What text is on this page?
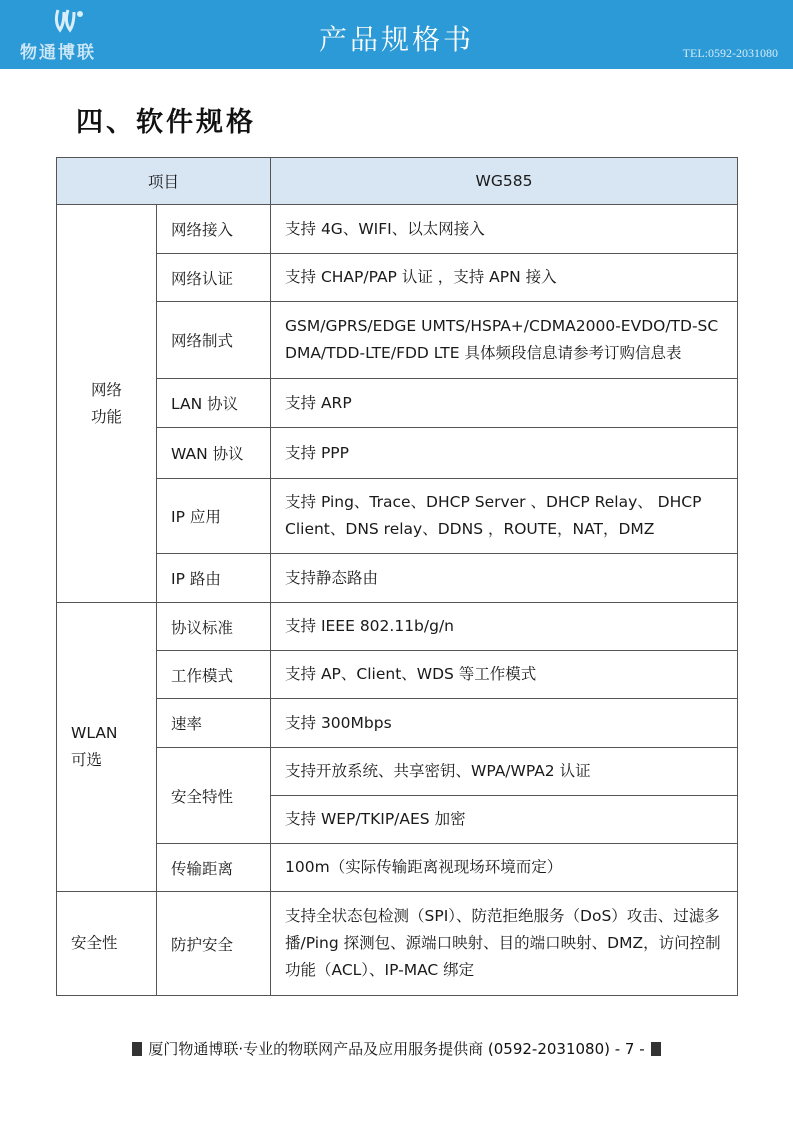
物通博联	产品规格书	TEL:0592-2031080
四、软件规格
项目		WG585
网络
功能	网络接入	支持 4G、WIFI、以太网接入
	网络认证	支持 CHAP/PAP 认证 ，支持 APN 接入
	网络制式	GSM/GPRS/EDGE UMTS/HSPA+/CDMA2000-EVDO/TD-SCDMA/TDD-LTE/FDD LTE 具体频段信息请参考订购信息表
	LAN 协议	支持 ARP
	WAN 协议	支持 PPP
	IP 应用	支持 Ping、Trace、DHCP Server 、DHCP Relay、 DHCP Client、DNS relay、DDNS ，ROUTE，NAT，DMZ
	IP 路由	支持静态路由
WLAN
可选	协议标准	支持 IEEE 802.11b/g/n
	工作模式	支持 AP、Client、WDS 等工作模式
	速率	支持 300Mbps
	安全特性	支持开放系统、共享密钥、WPA/WPA2 认证
		支持 WEP/TKIP/AES 加密
	传输距离	100m（实际传输距离视现场环境而定）
安全性	防护安全	支持全状态包检测（SPI）、防范拒绝服务（DoS）攻击、过滤多播/Ping 探测包、源端口映射、目的端口映射、DMZ，访问控制功能（ACL）、IP-MAC 绑定
厦门物通博联·专业的物联网产品及应用服务提供商 (0592-2031080) - 7 -
